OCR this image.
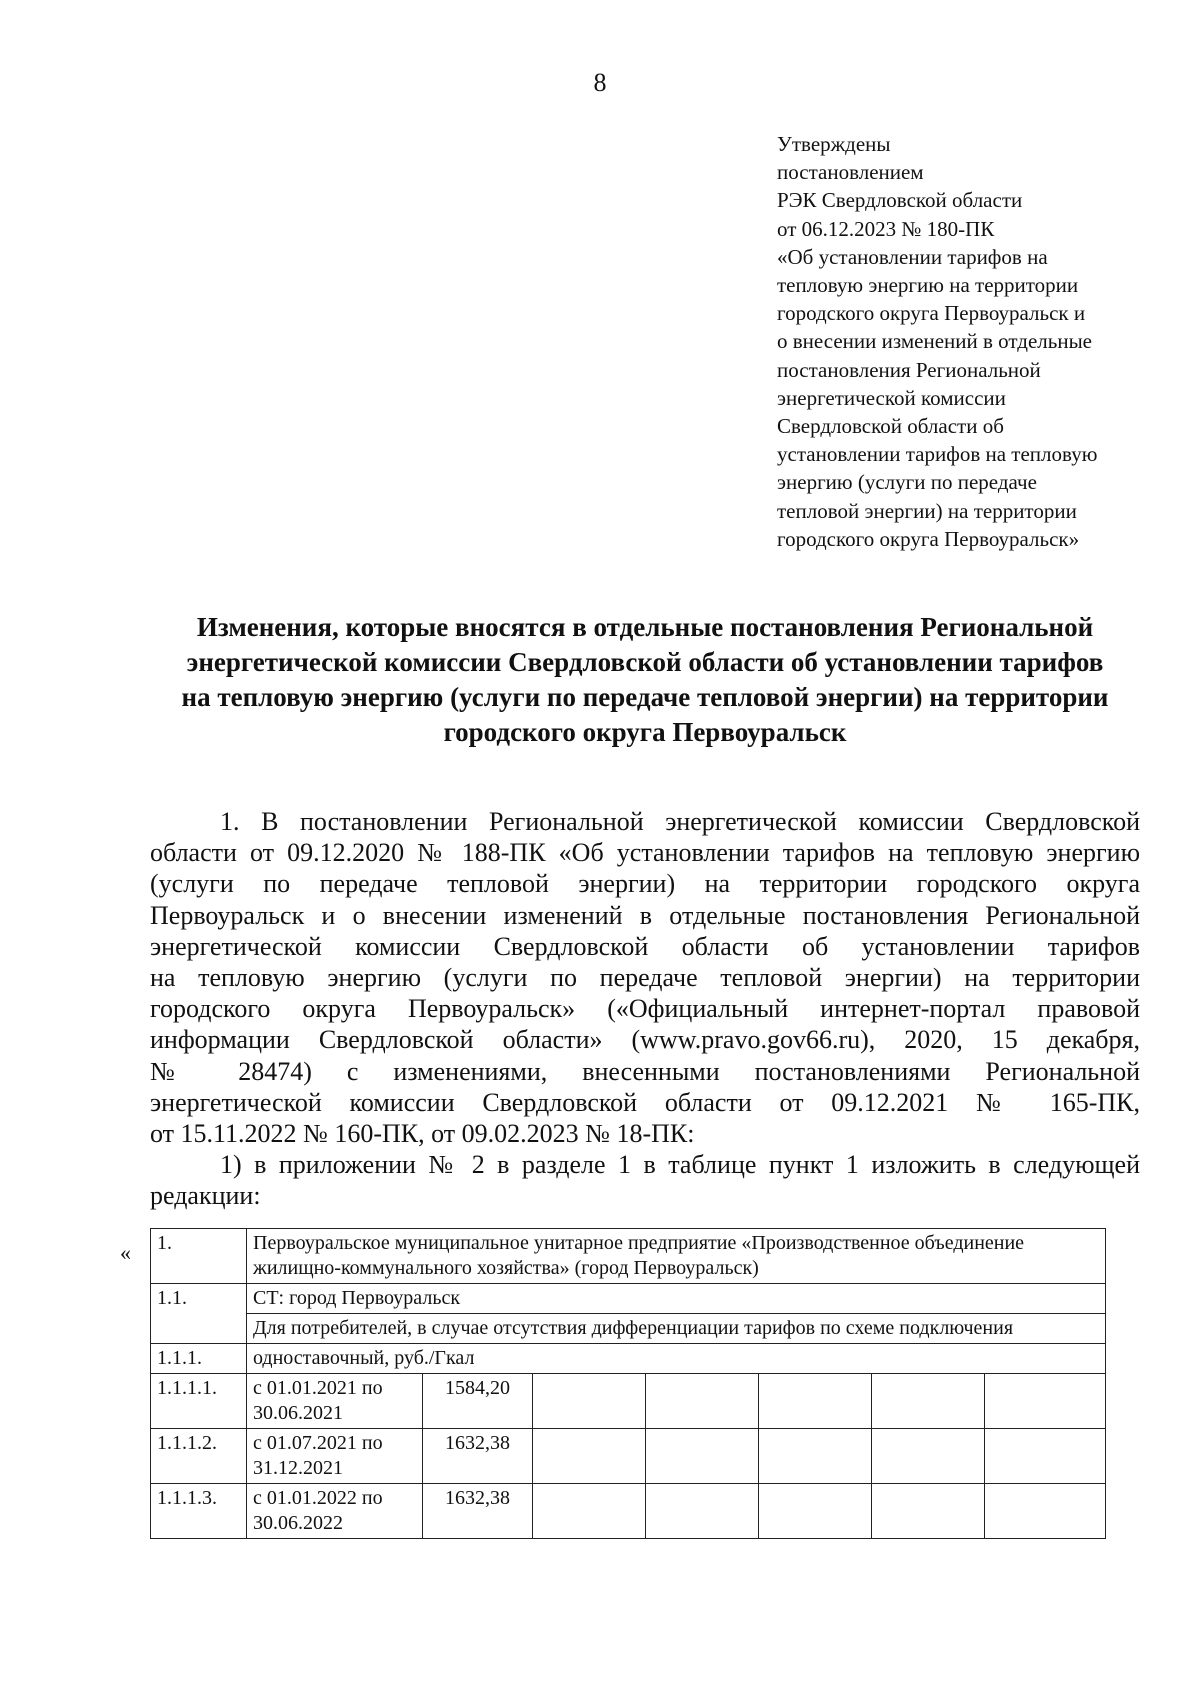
8
Утверждены
постановлением
РЭК Свердловской области
от 06.12.2023 № 180-ПК
«Об установлении тарифов на
тепловую энергию на территории
городского округа Первоуральск и
о внесении изменений в отдельные
постановления Региональной
энергетической комиссии
Свердловской области об
установлении тарифов на тепловую
энергию (услуги по передаче
тепловой энергии) на территории
городского округа Первоуральск»
Изменения, которые вносятся в отдельные постановления Региональной
энергетической комиссии Свердловской области об установлении тарифов
на тепловую энергию (услуги по передаче тепловой энергии) на территории
городского округа Первоуральск
1. В постановлении Региональной энергетической комиссии Свердловской
области от 09.12.2020 № 188-ПК «Об установлении тарифов на тепловую энергию
(услуги по передаче тепловой энергии) на территории городского округа
Первоуральск и о внесении изменений в отдельные постановления Региональной
энергетической комиссии Свердловской области об установлении тарифов
на тепловую энергию (услуги по передаче тепловой энергии) на территории
городского округа Первоуральск» («Официальный интернет-портал правовой
информации Свердловской области» (www.pravo.gov66.ru), 2020, 15 декабря,
№ 28474) с изменениями, внесенными постановлениями Региональной
энергетической комиссии Свердловской области от 09.12.2021 № 165-ПК,
от 15.11.2022 № 160-ПК, от 09.02.2023 № 18-ПК:
1) в приложении № 2 в разделе 1 в таблице пункт 1 изложить в следующей
редакции:
« 1.	Первоуральское муниципальное унитарное предприятие «Производственное объединение жилищно-коммунального хозяйства» (город Первоуральск)						
1.1.	СТ: город Первоуральск						
	Для потребителей, в случае отсутствия дифференциации тарифов по схеме подключения						
1.1.1.	одноставочный, руб./Гкал						
1.1.1.1.	с 01.01.2021 по 30.06.2021	1584,20					
1.1.1.2.	с 01.07.2021 по 31.12.2021	1632,38					
1.1.1.3.	с 01.01.2022 по 30.06.2022	1632,38					
